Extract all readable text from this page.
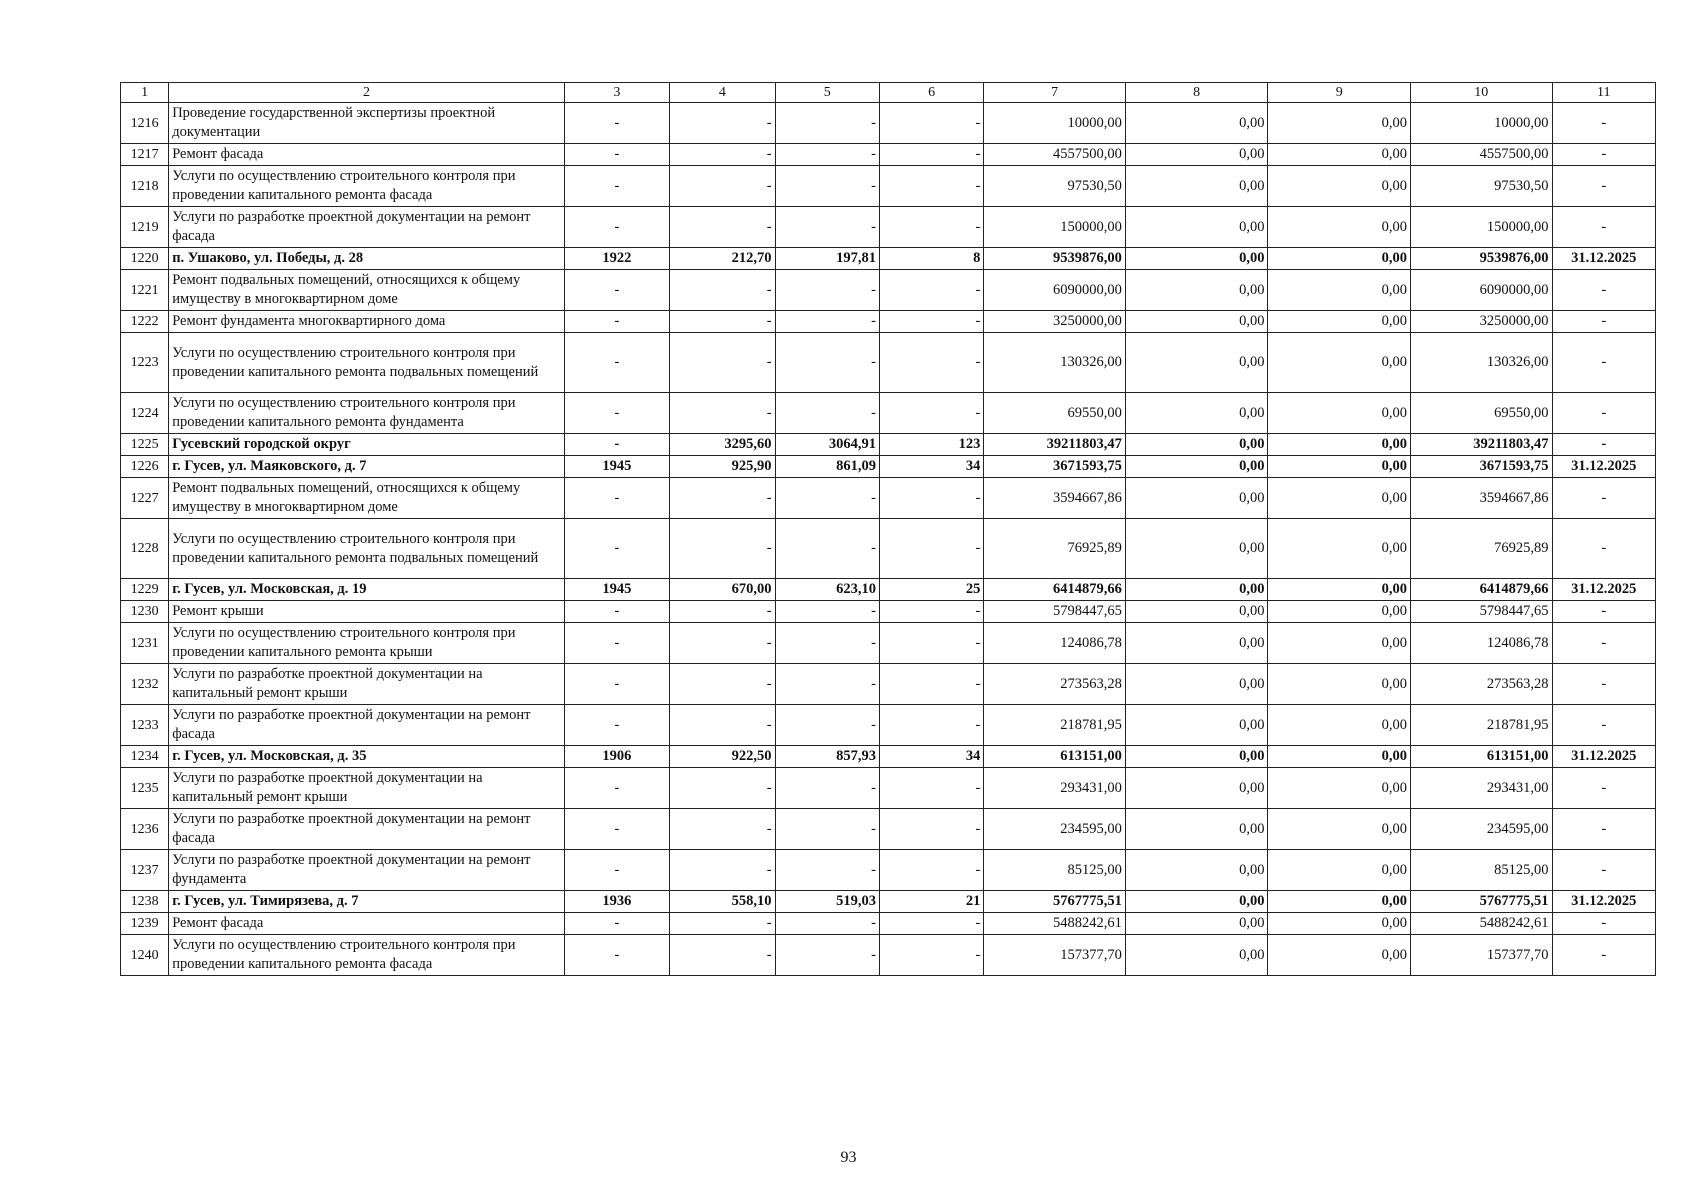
1	2	3	4	5	6	7	8	9	10	11
1216	Проведение государственной экспертизы проектной документации	-	-	-	-	10000,00	0,00	0,00	10000,00	-
1217	Ремонт фасада	-	-	-	-	4557500,00	0,00	0,00	4557500,00	-
1218	Услуги по осуществлению строительного контроля при проведении капитального ремонта фасада	-	-	-	-	97530,50	0,00	0,00	97530,50	-
1219	Услуги по разработке проектной документации на ремонт фасада	-	-	-	-	150000,00	0,00	0,00	150000,00	-
1220	п. Ушаково, ул. Победы, д. 28	1922	212,70	197,81	8	9539876,00	0,00	0,00	9539876,00	31.12.2025
1221	Ремонт подвальных помещений, относящихся к общему имуществу в многоквартирном доме	-	-	-	-	6090000,00	0,00	0,00	6090000,00	-
1222	Ремонт фундамента многоквартирного дома	-	-	-	-	3250000,00	0,00	0,00	3250000,00	-
1223	Услуги по осуществлению строительного контроля при проведении капитального ремонта подвальных помещений	-	-	-	-	130326,00	0,00	0,00	130326,00	-
1224	Услуги по осуществлению строительного контроля при проведении капитального ремонта фундамента	-	-	-	-	69550,00	0,00	0,00	69550,00	-
1225	Гусевский городской округ	-	3295,60	3064,91	123	39211803,47	0,00	0,00	39211803,47	-
1226	г. Гусев, ул. Маяковского, д. 7	1945	925,90	861,09	34	3671593,75	0,00	0,00	3671593,75	31.12.2025
1227	Ремонт подвальных помещений, относящихся к общему имуществу в многоквартирном доме	-	-	-	-	3594667,86	0,00	0,00	3594667,86	-
1228	Услуги по осуществлению строительного контроля при проведении капитального ремонта подвальных помещений	-	-	-	-	76925,89	0,00	0,00	76925,89	-
1229	г. Гусев, ул. Московская, д. 19	1945	670,00	623,10	25	6414879,66	0,00	0,00	6414879,66	31.12.2025
1230	Ремонт крыши	-	-	-	-	5798447,65	0,00	0,00	5798447,65	-
1231	Услуги по осуществлению строительного контроля при проведении капитального ремонта крыши	-	-	-	-	124086,78	0,00	0,00	124086,78	-
1232	Услуги по разработке проектной документации на капитальный ремонт крыши	-	-	-	-	273563,28	0,00	0,00	273563,28	-
1233	Услуги по разработке проектной документации на ремонт фасада	-	-	-	-	218781,95	0,00	0,00	218781,95	-
1234	г. Гусев, ул. Московская, д. 35	1906	922,50	857,93	34	613151,00	0,00	0,00	613151,00	31.12.2025
1235	Услуги по разработке проектной документации на капитальный ремонт крыши	-	-	-	-	293431,00	0,00	0,00	293431,00	-
1236	Услуги по разработке проектной документации на ремонт фасада	-	-	-	-	234595,00	0,00	0,00	234595,00	-
1237	Услуги по разработке проектной документации на ремонт фундамента	-	-	-	-	85125,00	0,00	0,00	85125,00	-
1238	г. Гусев, ул. Тимирязева, д. 7	1936	558,10	519,03	21	5767775,51	0,00	0,00	5767775,51	31.12.2025
1239	Ремонт фасада	-	-	-	-	5488242,61	0,00	0,00	5488242,61	-
1240	Услуги по осуществлению строительного контроля при проведении капитального ремонта фасада	-	-	-	-	157377,70	0,00	0,00	157377,70	-
93
